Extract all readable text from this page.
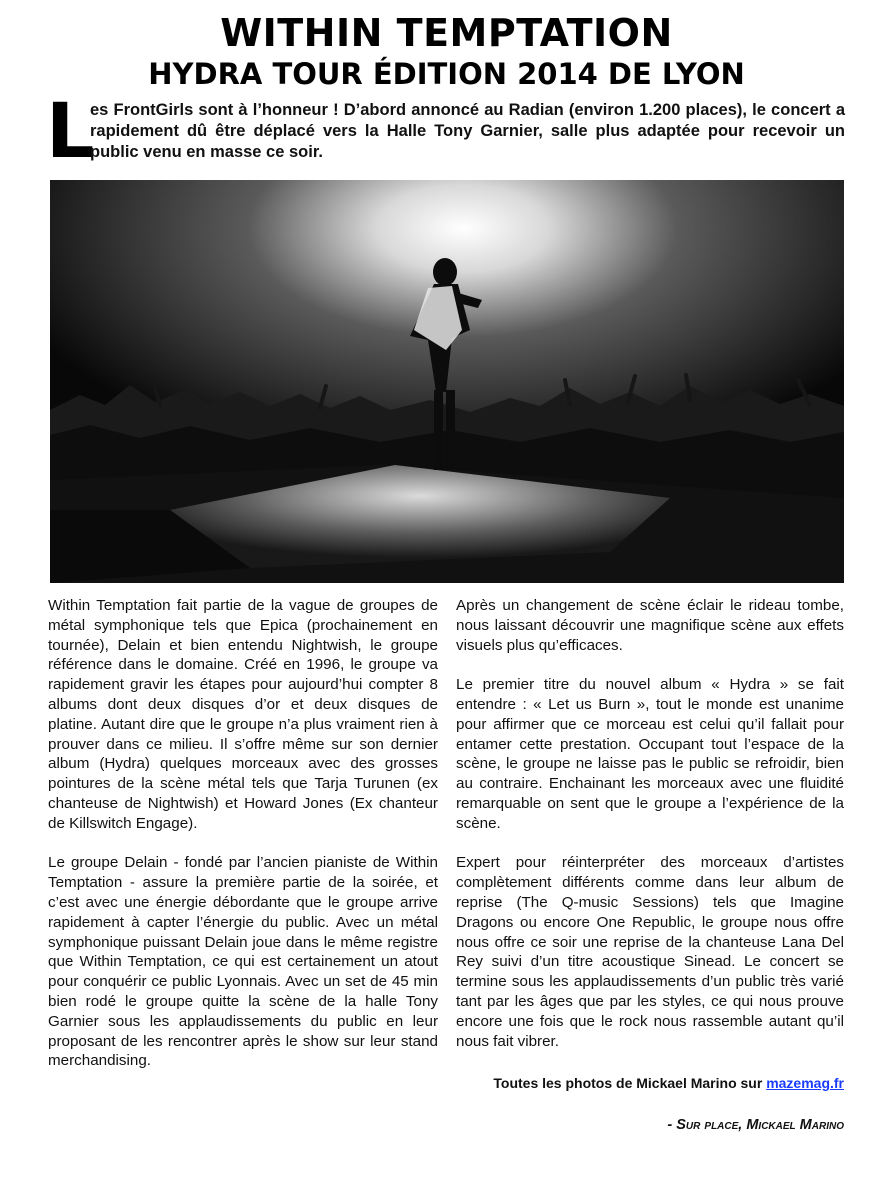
WITHIN TEMPTATION
HYDRA TOUR ÉDITION 2014 DE LYON
L
es FrontGirls sont à l’honneur ! D’abord annoncé au Radian (environ 1.200 places), le concert a rapidement dû être déplacé vers la Halle Tony Garnier, salle plus adaptée pour recevoir un public venu en masse ce soir.

Within Temptation fait partie de la vague de groupes de métal symphonique tels que Epica (prochainement en tournée), Delain et bien entendu Nightwish, le groupe référence dans le domaine. Créé en 1996, le groupe va rapidement gravir les étapes pour aujourd’hui compter 8 albums dont deux disques d’or et deux disques de platine. Autant dire que le groupe n’a plus vraiment rien à prouver dans ce milieu. Il s’offre même sur son dernier album (Hydra) quelques morceaux avec des grosses pointures de la scène métal tels que Tarja Turunen (ex chanteuse de Nightwish) et Howard Jones (Ex chanteur de Killswitch Engage).

Le groupe Delain - fondé par l’ancien pianiste de Within Temptation - assure la première partie de la soirée, et c’est avec une énergie débordante que le groupe arrive rapidement à capter l’énergie du public. Avec un métal symphonique puissant Delain joue dans le même registre que Within Temptation, ce qui est certainement un atout pour conquérir ce public Lyonnais. Avec un set de 45 min bien rodé le groupe quitte la scène de la halle Tony Garnier sous les applaudissements du public en leur proposant de les rencontrer après le show sur leur stand merchandising.

Après un changement de scène éclair le rideau tombe, nous laissant découvrir une magnifique scène aux effets visuels plus qu’efficaces.

Le premier titre du nouvel album « Hydra » se fait entendre : « Let us Burn », tout le monde est unanime pour affirmer que ce morceau est celui qu’il fallait pour entamer cette prestation. Occupant tout l’espace de la scène, le groupe ne laisse pas le public se refroidir, bien au contraire. Enchainant les morceaux avec une fluidité remarquable on sent que le groupe a l’expérience de la scène.

Expert pour réinterpréter des morceaux d’artistes complètement différents comme dans leur album de reprise (The Q-music Sessions) tels que Imagine Dragons ou encore One Republic, le groupe nous offre nous offre ce soir une reprise de la chanteuse Lana Del Rey suivi d’un titre acoustique Sinead. Le concert se termine sous les applaudissements d’un public très varié tant par les âges que par les styles, ce qui nous prouve encore une fois que le rock nous rassemble autant qu’il nous fait vibrer.

Toutes les photos de Mickael Marino sur mazemag.fr
- Sur place, Mickael Marino
